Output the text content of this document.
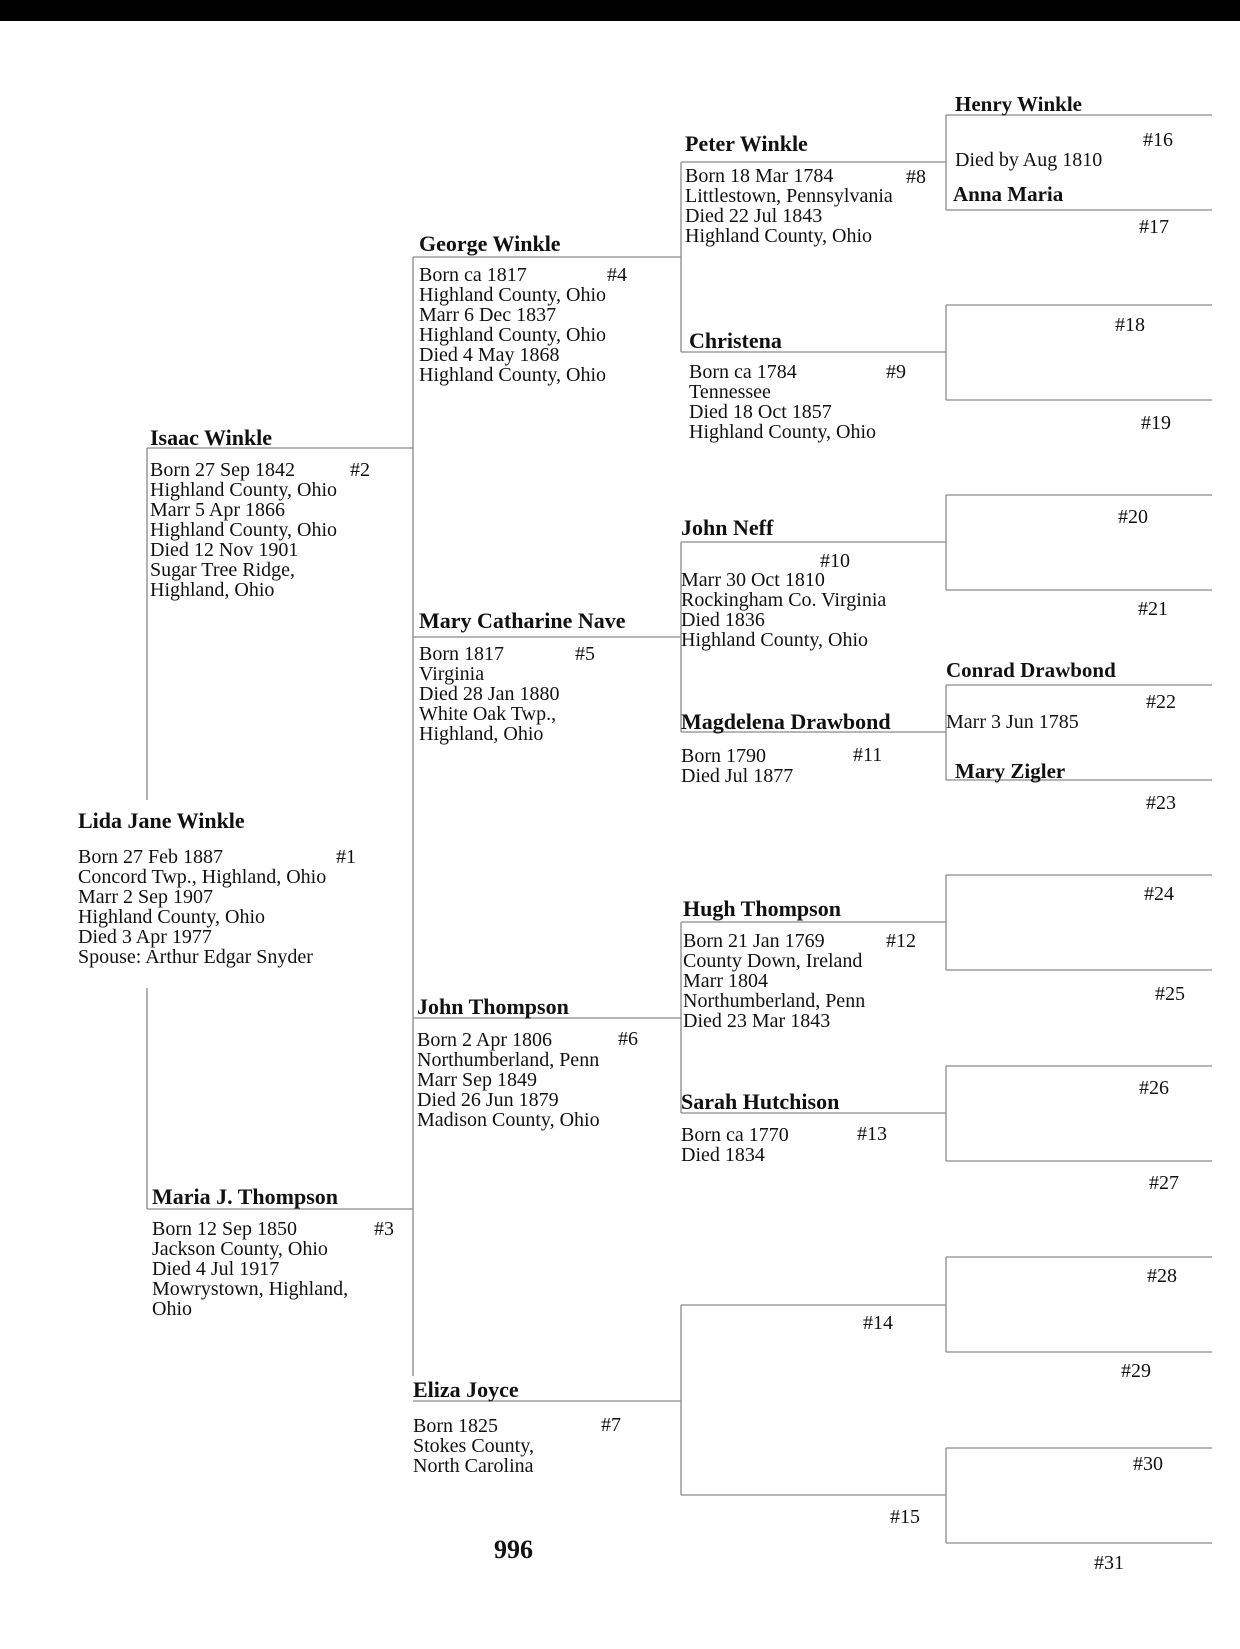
Lida Jane Winkle
#1
Born 27 Feb 1887
Concord Twp., Highland, Ohio
Marr 2 Sep 1907
Highland County, Ohio
Died 3 Apr 1977
Spouse: Arthur Edgar Snyder
Isaac Winkle
#2
Born 27 Sep 1842
Highland County, Ohio
Marr 5 Apr 1866
Highland County, Ohio
Died 12 Nov 1901
Sugar Tree Ridge,
Highland, Ohio
Maria J. Thompson
#3
Born 12 Sep 1850
Jackson County, Ohio
Died 4 Jul 1917
Mowrystown, Highland,
Ohio
George Winkle
#4
Born ca 1817
Highland County, Ohio
Marr 6 Dec 1837
Highland County, Ohio
Died 4 May 1868
Highland County, Ohio
Mary Catharine Nave
#5
Born 1817
Virginia
Died 28 Jan 1880
White Oak Twp.,
Highland, Ohio
John Thompson
#6
Born 2 Apr 1806
Northumberland, Penn
Marr Sep 1849
Died 26 Jun 1879
Madison County, Ohio
Eliza Joyce
#7
Born 1825
Stokes County,
North Carolina
Peter Winkle
#8
Born 18 Mar 1784
Littlestown, Pennsylvania
Died 22 Jul 1843
Highland County, Ohio
Christena
#9
Born ca 1784
Tennessee
Died 18 Oct 1857
Highland County, Ohio
John Neff
#10
Marr 30 Oct 1810
Rockingham Co. Virginia
Died 1836
Highland County, Ohio
Magdelena Drawbond
#11
Born 1790
Died Jul 1877
Hugh Thompson
#12
Born 21 Jan 1769
County Down, Ireland
Marr 1804
Northumberland, Penn
Died 23 Mar 1843
Sarah Hutchison
#13
Born ca 1770
Died 1834
#14
#15
Henry Winkle
#16
Died by Aug 1810
Anna Maria
#17
#18
#19
#20
#21
Conrad Drawbond
#22
Marr 3 Jun 1785
Mary Zigler
#23
#24
#25
#26
#27
#28
#29
#30
#31
996
